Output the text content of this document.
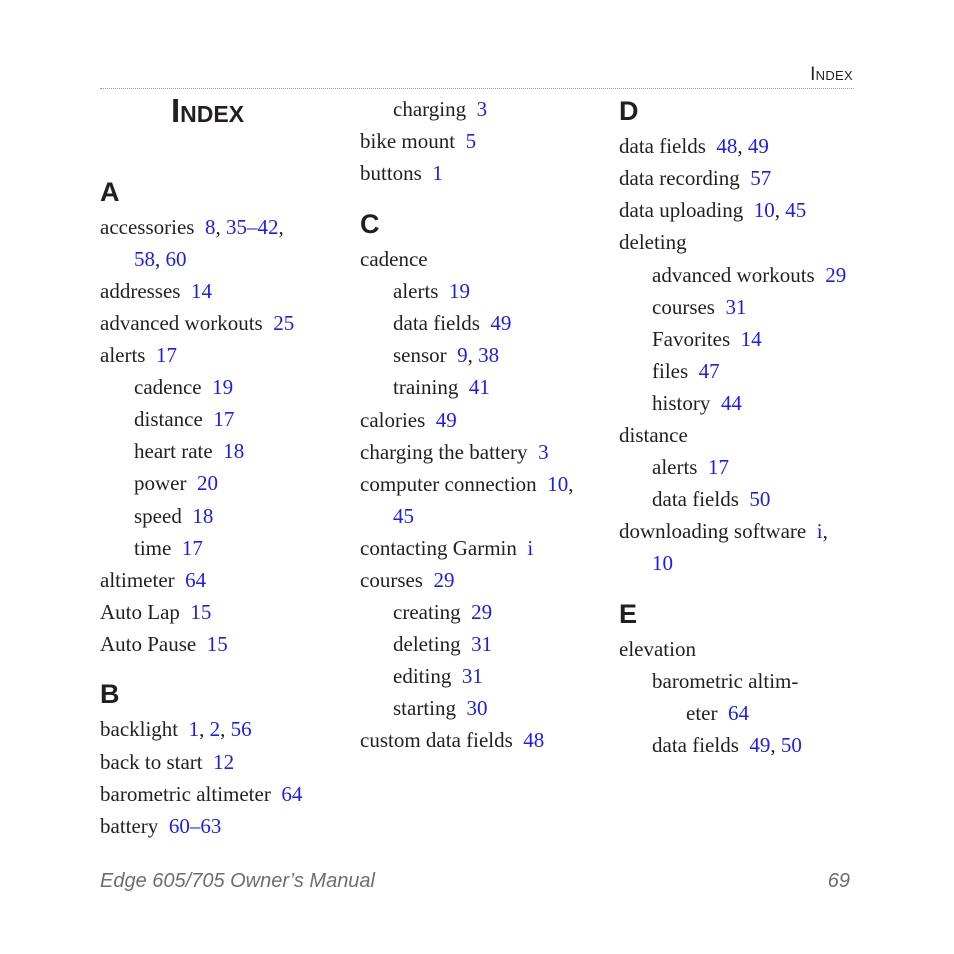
Index
Index
A
accessories 8, 35–42,
58, 60
addresses 14
advanced workouts 25
alerts 17
cadence 19
distance 17
heart rate 18
power 20
speed 18
time 17
altimeter 64
Auto Lap 15
Auto Pause 15
B
backlight 1, 2, 56
back to start 12
barometric altimeter 64
battery 60–63
charging 3
bike mount 5
buttons 1
C
cadence
alerts 19
data fields 49
sensor 9, 38
training 41
calories 49
charging the battery 3
computer connection 10,
45
contacting Garmin i
courses 29
creating 29
deleting 31
editing 31
starting 30
custom data fields 48
D
data fields 48, 49
data recording 57
data uploading 10, 45
deleting
advanced workouts 29
courses 31
Favorites 14
files 47
history 44
distance
alerts 17
data fields 50
downloading software i,
10
E
elevation
barometric altim-
eter 64
data fields 49, 50
Edge 605/705 Owner’s Manual	69
